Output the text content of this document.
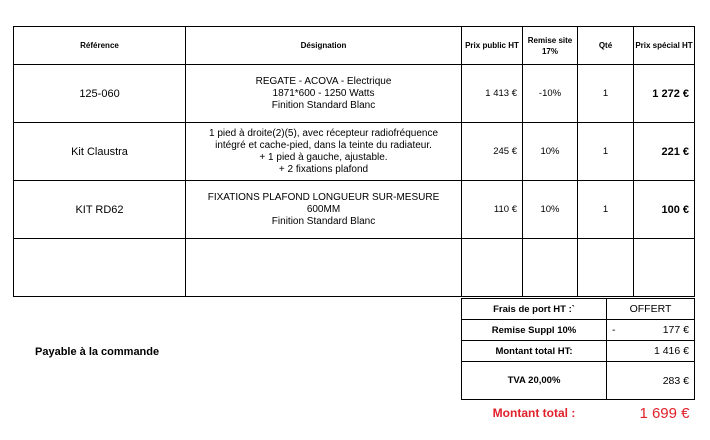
Référence	Désignation	Prix public HT	Remise site 17%	Qté	Prix spécial HT
125-060	REGATE - ACOVA - Electrique
1871*600 - 1250 Watts
Finition Standard Blanc	1 413 €	-10%	1	1 272 €
Kit Claustra	1 pied à droite(2)(5), avec récepteur radiofréquence
intégré et cache-pied, dans la teinte du radiateur.
+ 1 pied à gauche, ajustable.
+ 2 fixations plafond	245 €	10%	1	221 €
KIT RD62	FIXATIONS PLAFOND LONGUEUR SUR-MESURE
600MM
Finition Standard Blanc	110 €	10%	1	100 €

Payable à la commande
Frais de port HT :`	OFFERT
Remise Suppl 10%	- 177 €

Montant total HT:	1 416 €
TVA 20,00%	283 €
Montant total :	1 699 €
